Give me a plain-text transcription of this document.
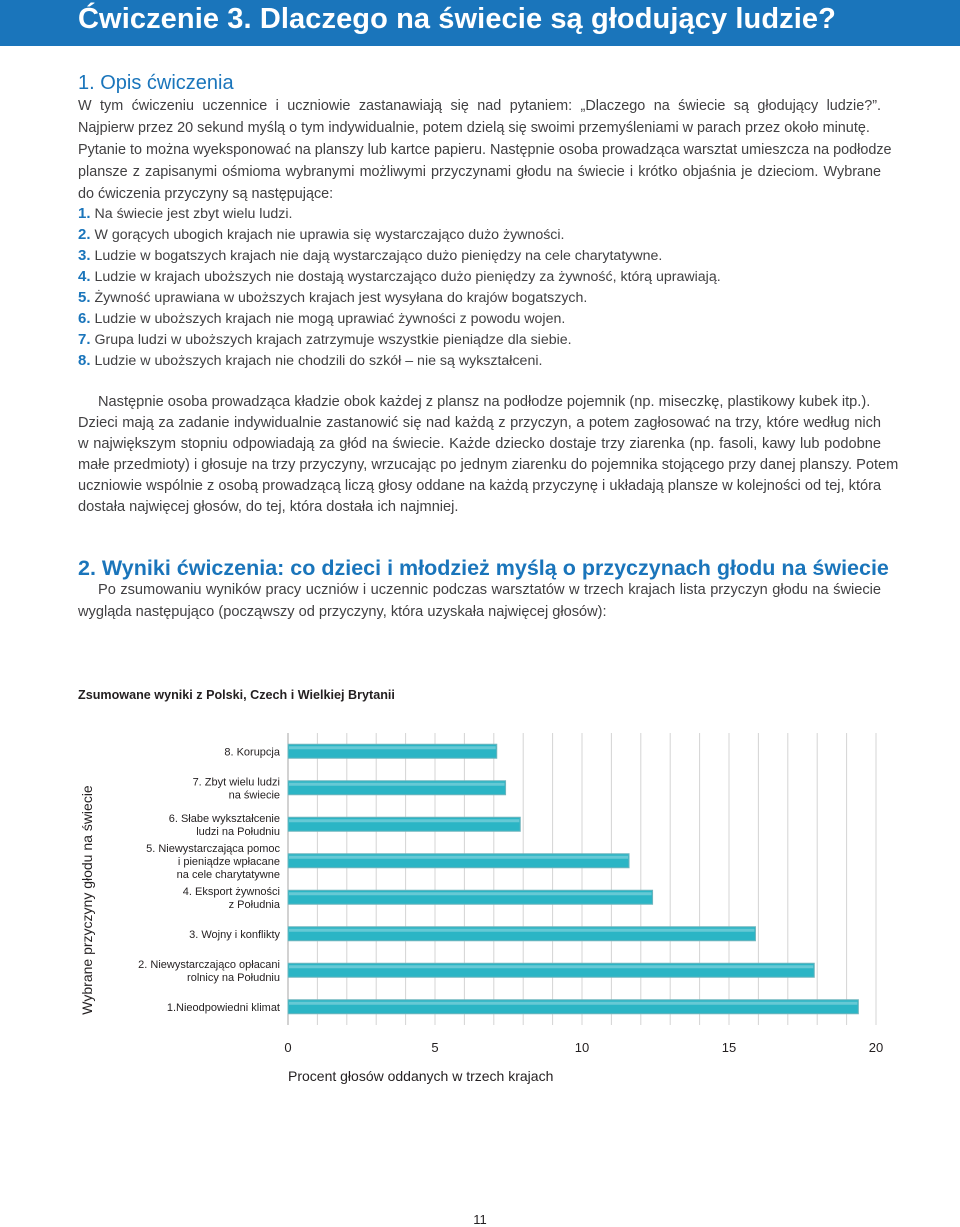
Ćwiczenie 3. Dlaczego na świecie są głodujący ludzie?
1. Opis ćwiczenia
W tym ćwiczeniu uczennice i uczniowie zastanawiają się nad pytaniem: „Dlaczego na świecie są głodujący ludzie?”.
Najpierw przez 20 sekund myślą o tym indywidualnie, potem dzielą się swoimi przemyśleniami w parach przez około minutę.
Pytanie to można wyeksponować na planszy lub kartce papieru. Następnie osoba prowadząca warsztat umieszcza na podłodze
plansze z zapisanymi ośmioma wybranymi możliwymi przyczynami głodu na świecie i krótko objaśnia je dzieciom. Wybrane
do ćwiczenia przyczyny są następujące:
1. Na świecie jest zbyt wielu ludzi.
2. W gorących ubogich krajach nie uprawia się wystarczająco dużo żywności.
3. Ludzie w bogatszych krajach nie dają wystarczająco dużo pieniędzy na cele charytatywne.
4. Ludzie w krajach uboższych nie dostają wystarczająco dużo pieniędzy za żywność, którą uprawiają.
5. Żywność uprawiana w uboższych krajach jest wysyłana do krajów bogatszych.
6. Ludzie w uboższych krajach nie mogą uprawiać żywności z powodu wojen.
7. Grupa ludzi w uboższych krajach zatrzymuje wszystkie pieniądze dla siebie.
8. Ludzie w uboższych krajach nie chodzili do szkół – nie są wykształceni.
Następnie osoba prowadząca kładzie obok każdej z plansz na podłodze pojemnik (np. miseczkę, plastikowy kubek itp.).
Dzieci mają za zadanie indywidualnie zastanowić się nad każdą z przyczyn, a potem zagłosować na trzy, które według nich
w największym stopniu odpowiadają za głód na świecie. Każde dziecko dostaje trzy ziarenka (np. fasoli, kawy lub podobne
małe przedmioty) i głosuje na trzy przyczyny, wrzucając po jednym ziarenku do pojemnika stojącego przy danej planszy. Potem
uczniowie wspólnie z osobą prowadzącą liczą głosy oddane na każdą przyczynę i układają plansze w kolejności od tej, która
dostała najwięcej głosów, do tej, która dostała ich najmniej.
2. Wyniki ćwiczenia: co dzieci i młodzież myślą o przyczynach głodu na świecie
Po zsumowaniu wyników pracy uczniów i uczennic podczas warsztatów w trzech krajach lista przyczyn głodu na świecie
wygląda następująco (począwszy od przyczyny, która uzyskała najwięcej głosów):
Zsumowane wyniki z Polski, Czech i Wielkiej Brytanii
8. Korupcja
7. Zbyt wielu ludzi na świecie
6. Słabe wykształcenie ludzi na Południu
5. Niewystarczająca pomoc i pieniądze wpłacane na cele charytatywne
4. Eksport żywności z Południa
3. Wojny i konflikty
2. Niewystarczająco opłacani rolnicy na Południu
1.Nieodpowiedni klimat
0	5	10	15	20
Procent głosów oddanych w trzech krajach
Wybrane przyczyny głodu na świecie
11
